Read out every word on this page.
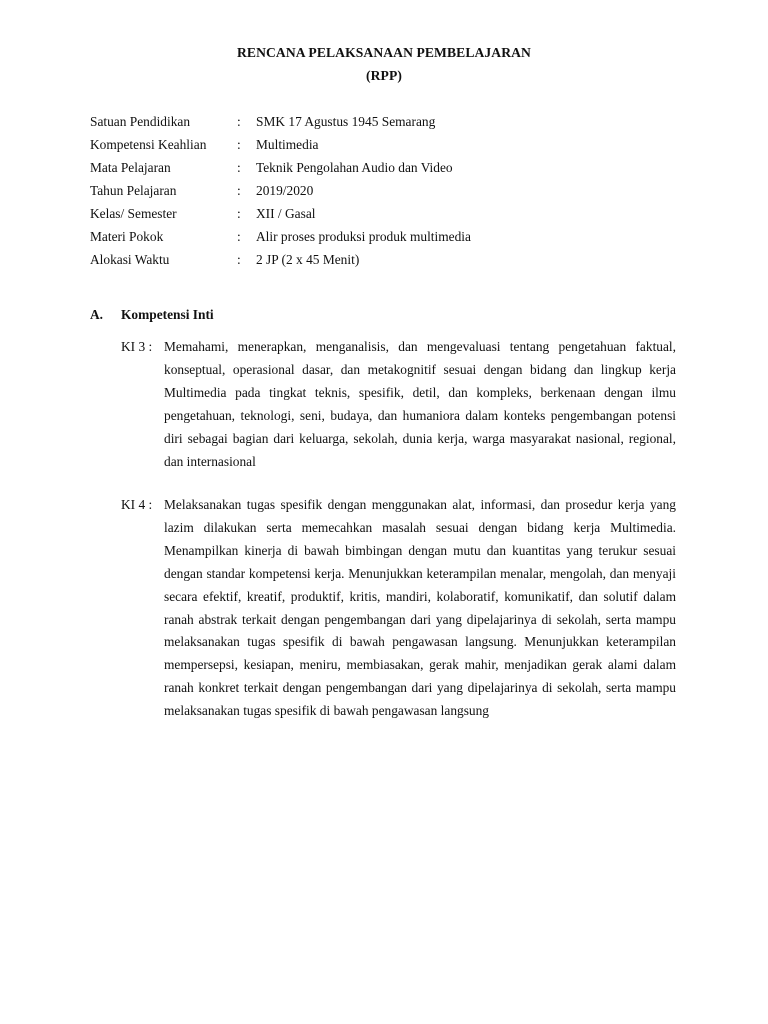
RENCANA PELAKSANAAN PEMBELAJARAN
(RPP)
Satuan Pendidikan	: SMK 17 Agustus 1945 Semarang
Kompetensi Keahlian : Multimedia
Mata Pelajaran	: Teknik Pengolahan Audio dan Video
Tahun Pelajaran	: 2019/2020
Kelas/ Semester	: XII / Gasal
Materi Pokok	: Alir proses produksi produk multimedia
Alokasi Waktu	: 2 JP (2 x 45 Menit)
A. Kompetensi Inti
KI 3 : Memahami, menerapkan, menganalisis, dan mengevaluasi tentang pengetahuan faktual, konseptual, operasional dasar, dan metakognitif sesuai dengan bidang dan lingkup kerja Multimedia pada tingkat teknis, spesifik, detil, dan kompleks, berkenaan dengan ilmu pengetahuan, teknologi, seni, budaya, dan humaniora dalam konteks pengembangan potensi diri sebagai bagian dari keluarga, sekolah, dunia kerja, warga masyarakat nasional, regional, dan internasional
KI 4 : Melaksanakan tugas spesifik dengan menggunakan alat, informasi, dan prosedur kerja yang lazim dilakukan serta memecahkan masalah sesuai dengan bidang kerja Multimedia. Menampilkan kinerja di bawah bimbingan dengan mutu dan kuantitas yang terukur sesuai dengan standar kompetensi kerja. Menunjukkan keterampilan menalar, mengolah, dan menyaji secara efektif, kreatif, produktif, kritis, mandiri, kolaboratif, komunikatif, dan solutif dalam ranah abstrak terkait dengan pengembangan dari yang dipelajarinya di sekolah, serta mampu melaksanakan tugas spesifik di bawah pengawasan langsung. Menunjukkan keterampilan mempersepsi, kesiapan, meniru, membiasakan, gerak mahir, menjadikan gerak alami dalam ranah konkret terkait dengan pengembangan dari yang dipelajarinya di sekolah, serta mampu melaksanakan tugas spesifik di bawah pengawasan langsung
